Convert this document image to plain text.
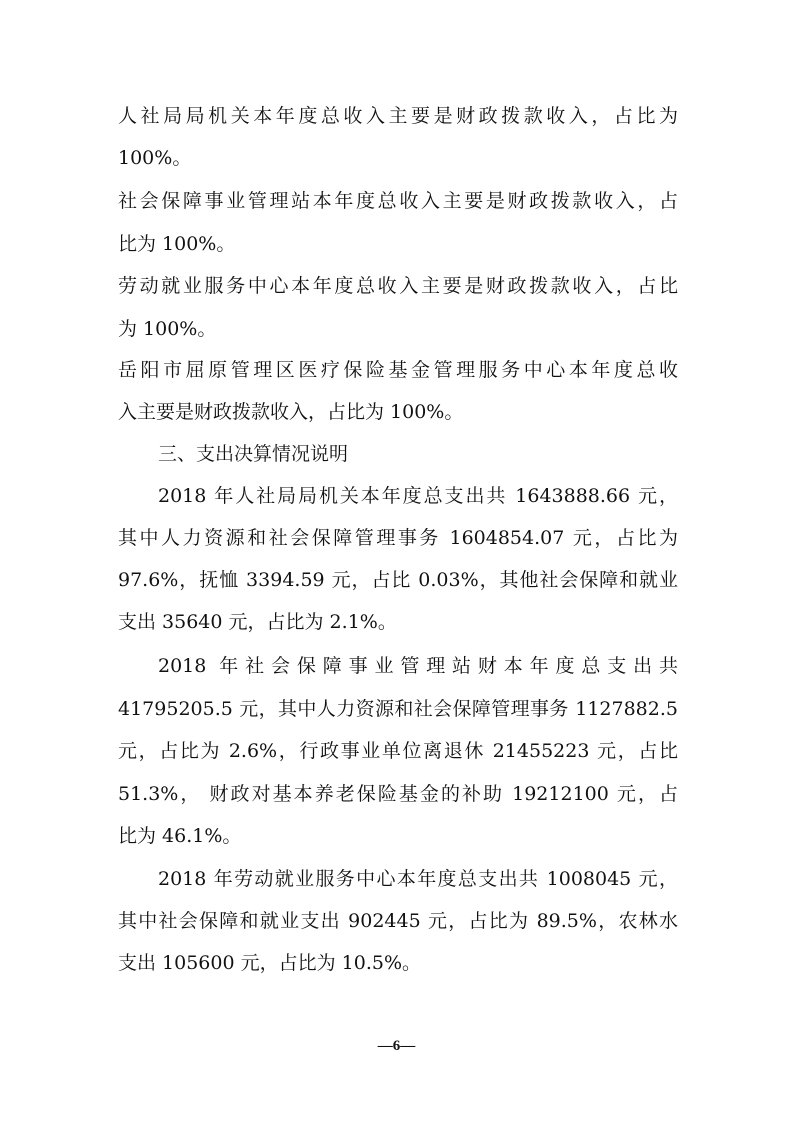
人社局局机关本年度总收入主要是财政拨款收入，占比为
100%。
社会保障事业管理站本年度总收入主要是财政拨款收入，占
比为 100%。
劳动就业服务中心本年度总收入主要是财政拨款收入，占比
为 100%。
岳阳市屈原管理区医疗保险基金管理服务中心本年度总收
入主要是财政拨款收入，占比为 100%。
三、支出决算情况说明
2018 年人社局局机关本年度总支出共 1643888.66 元，
其中人力资源和社会保障管理事务 1604854.07 元，占比为
97.6%，抚恤 3394.59 元，占比 0.03%，其他社会保障和就业
支出 35640 元，占比为 2.1%。
2018 年社会保障事业管理站财本年度总支出共
41795205.5 元，其中人力资源和社会保障管理事务 1127882.5
元，占比为 2.6%，行政事业单位离退休 21455223 元，占比
51.3%， 财政对基本养老保险基金的补助 19212100 元，占
比为 46.1%。
2018 年劳动就业服务中心本年度总支出共 1008045 元，
其中社会保障和就业支出 902445 元，占比为 89.5%，农林水
支出 105600 元，占比为 10.5%。
—6—
